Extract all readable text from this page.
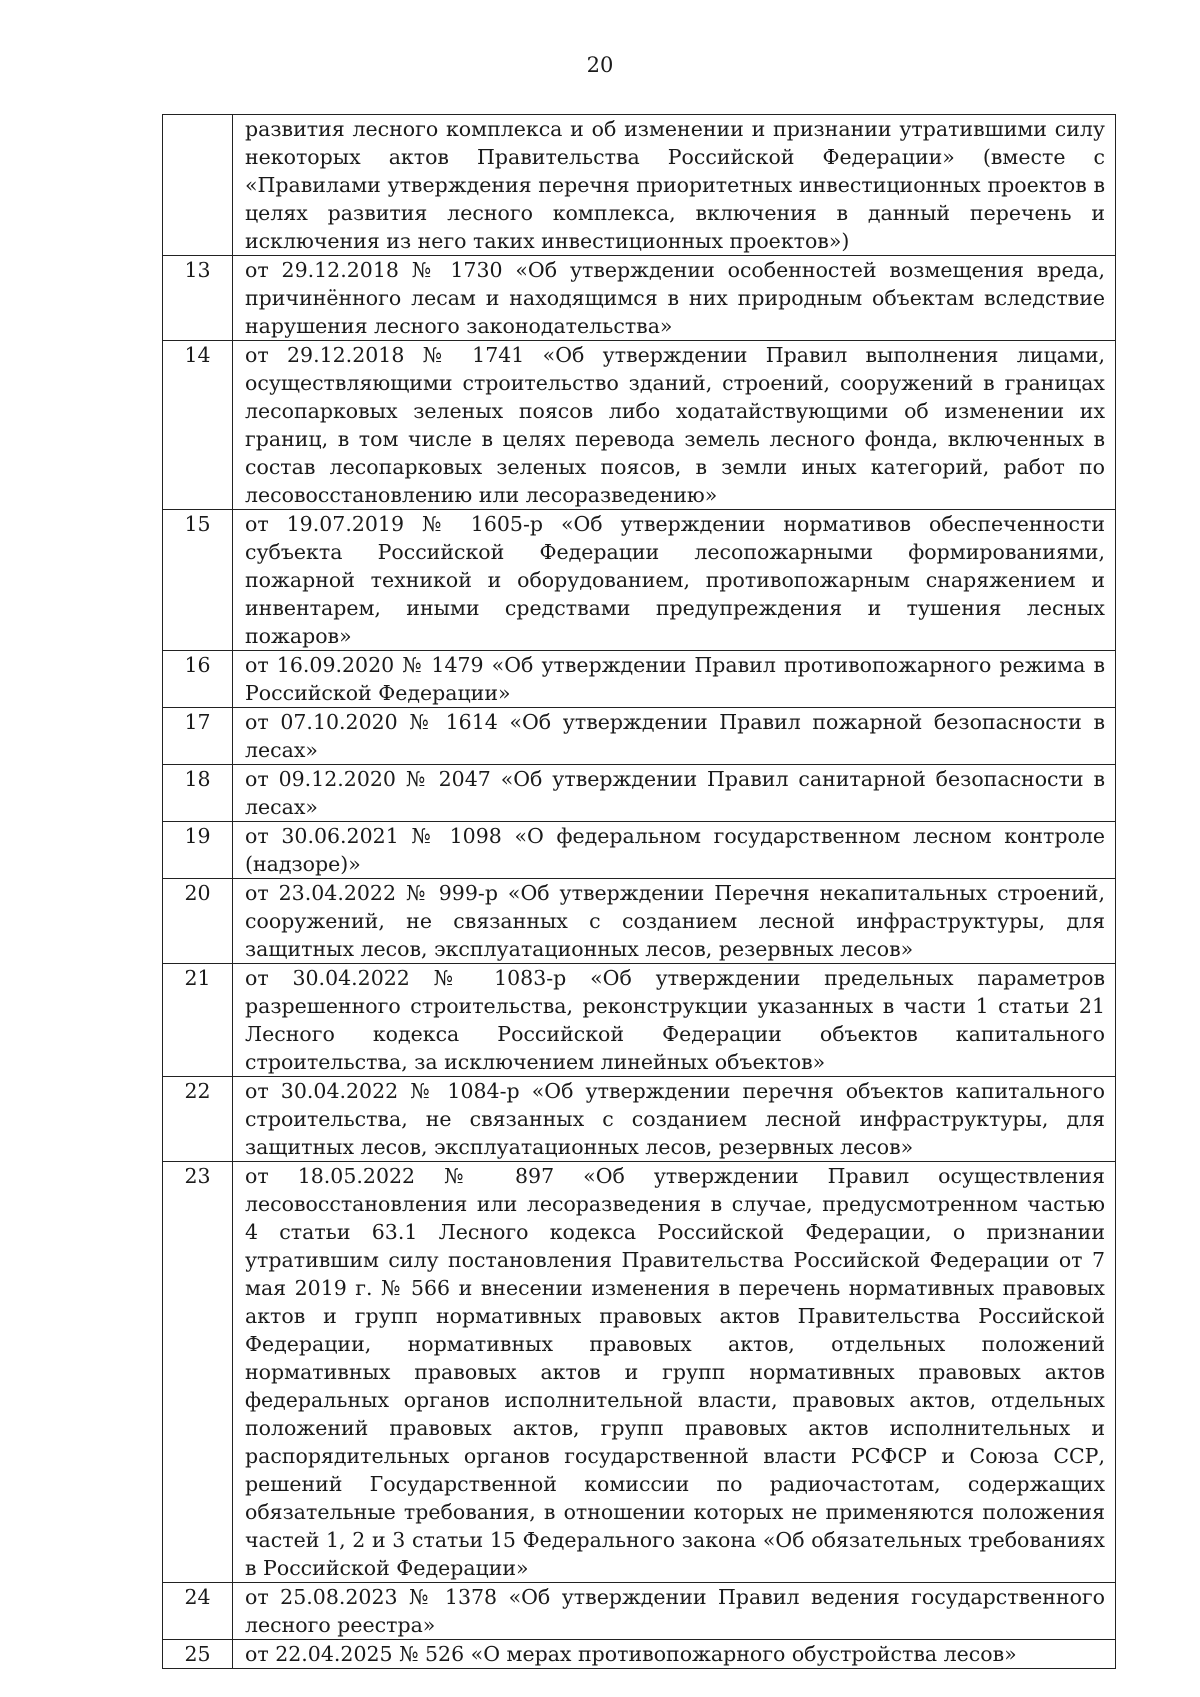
20
	развития лесного комплекса и об изменении и признании утратившими силу некоторых актов Правительства Российской Федерации» (вместе с «Правилами утверждения перечня приоритетных инвестиционных проектов в целях развития лесного комплекса, включения в данный перечень и исключения из него таких инвестиционных проектов»)
13	от 29.12.2018 № 1730 «Об утверждении особенностей возмещения вреда, причинённого лесам и находящимся в них природным объектам вследствие нарушения лесного законодательства»
14	от 29.12.2018 № 1741 «Об утверждении Правил выполнения лицами, осуществляющими строительство зданий, строений, сооружений в границах лесопарковых зеленых поясов либо ходатайствующими об изменении их границ, в том числе в целях перевода земель лесного фонда, включенных в состав лесопарковых зеленых поясов, в земли иных категорий, работ по лесовосстановлению или лесоразведению»
15	от 19.07.2019 № 1605-р «Об утверждении нормативов обеспеченности субъекта Российской Федерации лесопожарными формированиями, пожарной техникой и оборудованием, противопожарным снаряжением и инвентарем, иными средствами предупреждения и тушения лесных пожаров»
16	от 16.09.2020 № 1479 «Об утверждении Правил противопожарного режима в Российской Федерации»
17	от 07.10.2020 № 1614 «Об утверждении Правил пожарной безопасности в лесах»
18	от 09.12.2020 № 2047 «Об утверждении Правил санитарной безопасности в лесах»
19	от 30.06.2021 № 1098 «О федеральном государственном лесном контроле (надзоре)»
20	от 23.04.2022 № 999-р «Об утверждении Перечня некапитальных строений, сооружений, не связанных с созданием лесной инфраструктуры, для защитных лесов, эксплуатационных лесов, резервных лесов»
21	от 30.04.2022 № 1083-р «Об утверждении предельных параметров разрешенного строительства, реконструкции указанных в части 1 статьи 21 Лесного кодекса Российской Федерации объектов капитального строительства, за исключением линейных объектов»
22	от 30.04.2022 № 1084-р «Об утверждении перечня объектов капитального строительства, не связанных с созданием лесной инфраструктуры, для защитных лесов, эксплуатационных лесов, резервных лесов»
23	от 18.05.2022 № 897 «Об утверждении Правил осуществления лесовосстановления или лесоразведения в случае, предусмотренном частью 4 статьи 63.1 Лесного кодекса Российской Федерации, о признании утратившим силу постановления Правительства Российской Федерации от 7 мая 2019 г. № 566 и внесении изменения в перечень нормативных правовых актов и групп нормативных правовых актов Правительства Российской Федерации, нормативных правовых актов, отдельных положений нормативных правовых актов и групп нормативных правовых актов федеральных органов исполнительной власти, правовых актов, отдельных положений правовых актов, групп правовых актов исполнительных и распорядительных органов государственной власти РСФСР и Союза ССР, решений Государственной комиссии по радиочастотам, содержащих обязательные требования, в отношении которых не применяются положения частей 1, 2 и 3 статьи 15 Федерального закона «Об обязательных требованиях в Российской Федерации»
24	от 25.08.2023 № 1378 «Об утверждении Правил ведения государственного лесного реестра»
25	от 22.04.2025 № 526 «О мерах противопожарного обустройства лесов»
